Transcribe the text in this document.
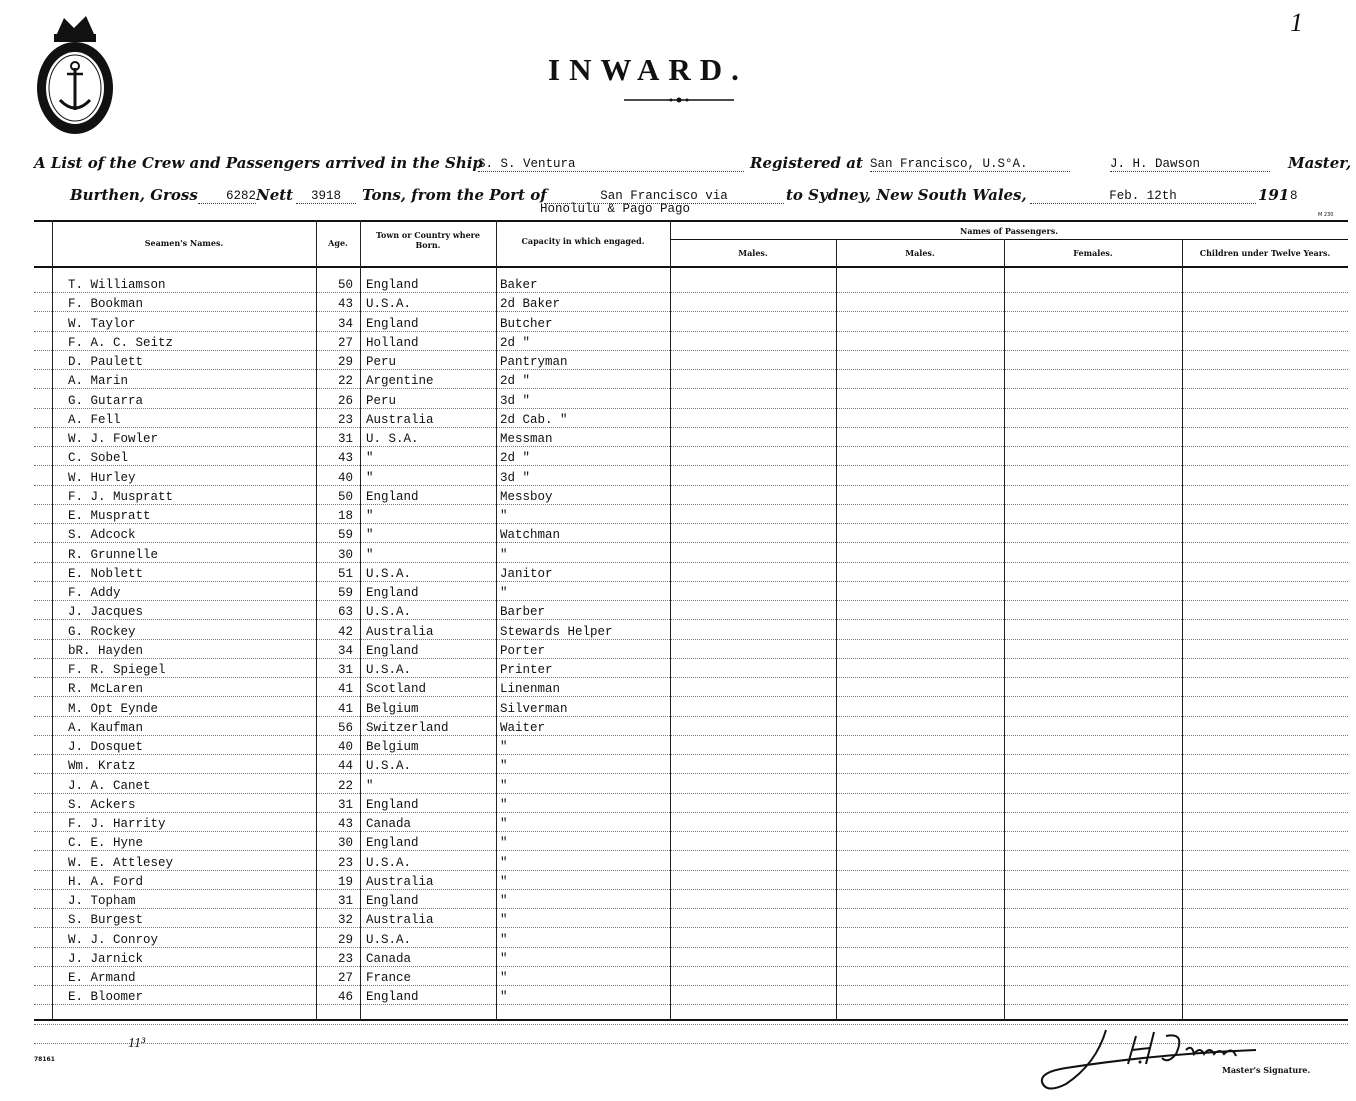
1
INWARD.
A List of the Crew and Passengers arrived in the Ship
S. S. Ventura	Registered at San Francisco, U.S°A.	J. H. Dawson	Master,
Burthen, Gross	6282 Nett	3918	Tons, from the Port of	San Francisco via
Honolulu & Pago Pago
to Sydney, New South Wales,	Feb. 12th	191 8
M 230
Seamen's Names.	Age.
Town or Country where Born.	Capacity in which engaged.
Names of Passengers.
Males.	Males.	Females.	Children under Twelve Years.
T. Williamson	50 England	Baker
F. Bookman	43 U.S.A.	2d Baker
W. Taylor	34 England	Butcher
F. A. C. Seitz	27 Holland	2d "
D. Paulett	29 Peru	Pantryman
A. Marin	22 Argentine	2d "
G. Gutarra	26 Peru	3d "
A. Fell	23 Australia	2d Cab. "
W. J. Fowler	31 U. S.A.	Messman
C. Sobel	43 "	2d "
W. Hurley	40 "	3d "
F. J. Muspratt	50 England	Messboy
E. Muspratt	18 "	"
S. Adcock	59 "	Watchman
R. Grunnelle	30 "	"
E. Noblett	51 U.S.A.	Janitor
F. Addy	59 England	"
J. Jacques	63 U.S.A.	Barber
G. Rockey	42 Australia	Stewards Helper
bR. Hayden	34 England	Porter
F. R. Spiegel	31 U.S.A.	Printer
R. McLaren	41 Scotland	Linenman
M. Opt Eynde	41 Belgium	Silverman
A. Kaufman	56 Switzerland	Waiter
J. Dosquet	40 Belgium	"
Wm. Kratz	44 U.S.A.	"
J. A. Canet	22 "	"
S. Ackers	31 England	"
F. J. Harrity	43 Canada	"
C. E. Hyne	30 England	"
W. E. Attlesey	23 U.S.A.	"
H. A. Ford	19 Australia	"
J. Topham	31 England	"
S. Burgest	32 Australia	"
W. J. Conroy	29 U.S.A.	"
J. Jarnick	23 Canada	"
E. Armand	27 France	"
E. Bloomer	46 England	"
78161
11³
Master's Signature.
